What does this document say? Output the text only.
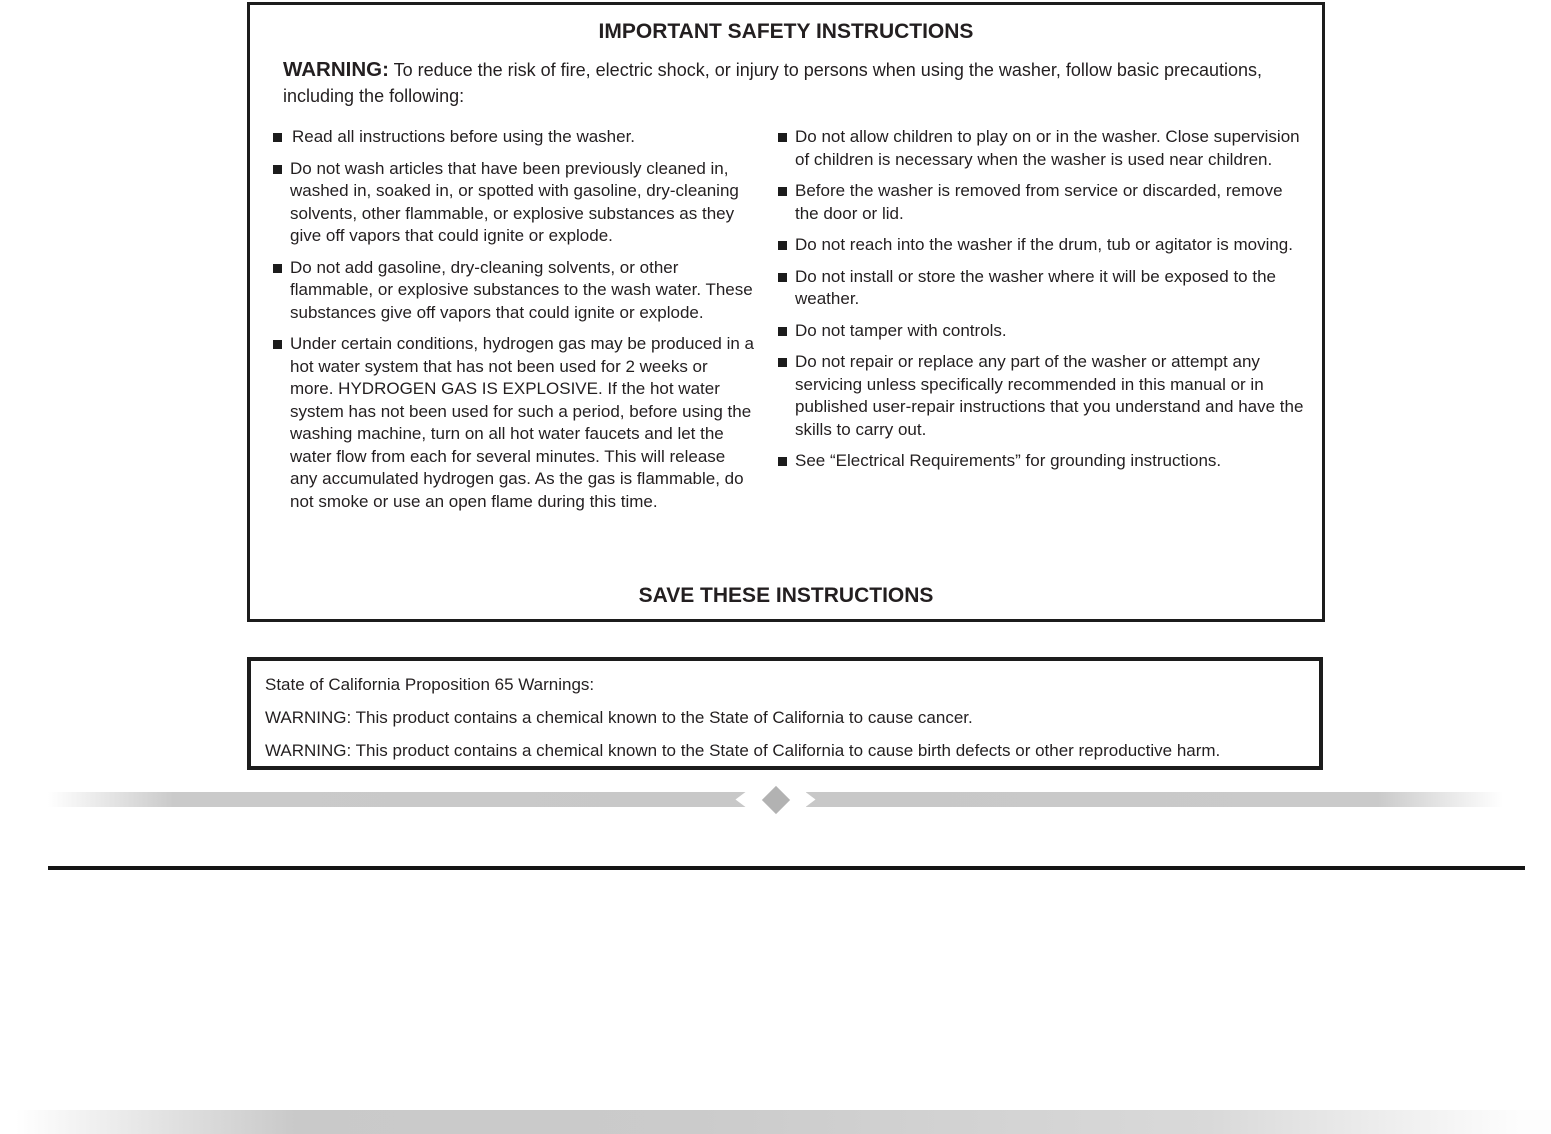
IMPORTANT SAFETY INSTRUCTIONS
WARNING: To reduce the risk of fire, electric shock, or injury to persons when using the washer, follow basic precautions, including the following:
Read all instructions before using the washer.
Do not wash articles that have been previously cleaned in, washed in, soaked in, or spotted with gasoline, dry-cleaning solvents, other flammable, or explosive substances as they give off vapors that could ignite or explode.
Do not add gasoline, dry-cleaning solvents, or other flammable, or explosive substances to the wash water. These substances give off vapors that could ignite or explode.
Under certain conditions, hydrogen gas may be produced in a hot water system that has not been used for 2 weeks or more. HYDROGEN GAS IS EXPLOSIVE. If the hot water system has not been used for such a period, before using the washing machine, turn on all hot water faucets and let the water flow from each for several minutes. This will release any accumulated hydrogen gas. As the gas is flammable, do not smoke or use an open flame during this time.
Do not allow children to play on or in the washer. Close supervision of children is necessary when the washer is used near children.
Before the washer is removed from service or discarded, remove the door or lid.
Do not reach into the washer if the drum, tub or agitator is moving.
Do not install or store the washer where it will be exposed to the weather.
Do not tamper with controls.
Do not repair or replace any part of the washer or attempt any servicing unless specifically recommended in this manual or in published user-repair instructions that you understand and have the skills to carry out.
See “Electrical Requirements” for grounding instructions.
SAVE THESE INSTRUCTIONS

State of California Proposition 65 Warnings:

WARNING: This product contains a chemical known to the State of California to cause cancer.

WARNING: This product contains a chemical known to the State of California to cause birth defects or other reproductive harm.
